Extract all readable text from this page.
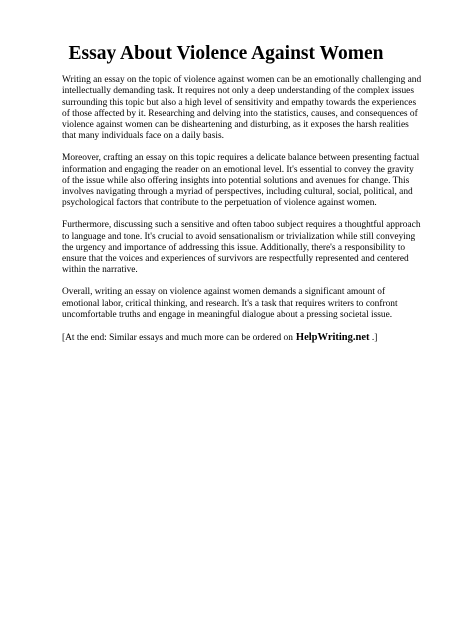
Essay About Violence Against Women

Writing an essay on the topic of violence against women can be an emotionally challenging and intellectually demanding task. It requires not only a deep understanding of the complex issues surrounding this topic but also a high level of sensitivity and empathy towards the experiences of those affected by it. Researching and delving into the statistics, causes, and consequences of violence against women can be disheartening and disturbing, as it exposes the harsh realities that many individuals face on a daily basis.

Moreover, crafting an essay on this topic requires a delicate balance between presenting factual information and engaging the reader on an emotional level. It's essential to convey the gravity of the issue while also offering insights into potential solutions and avenues for change. This involves navigating through a myriad of perspectives, including cultural, social, political, and psychological factors that contribute to the perpetuation of violence against women.

Furthermore, discussing such a sensitive and often taboo subject requires a thoughtful approach to language and tone. It's crucial to avoid sensationalism or trivialization while still conveying the urgency and importance of addressing this issue. Additionally, there's a responsibility to ensure that the voices and experiences of survivors are respectfully represented and centered within the narrative.

Overall, writing an essay on violence against women demands a significant amount of emotional labor, critical thinking, and research. It's a task that requires writers to confront uncomfortable truths and engage in meaningful dialogue about a pressing societal issue.

[At the end: Similar essays and much more can be ordered on HelpWriting.net .]
